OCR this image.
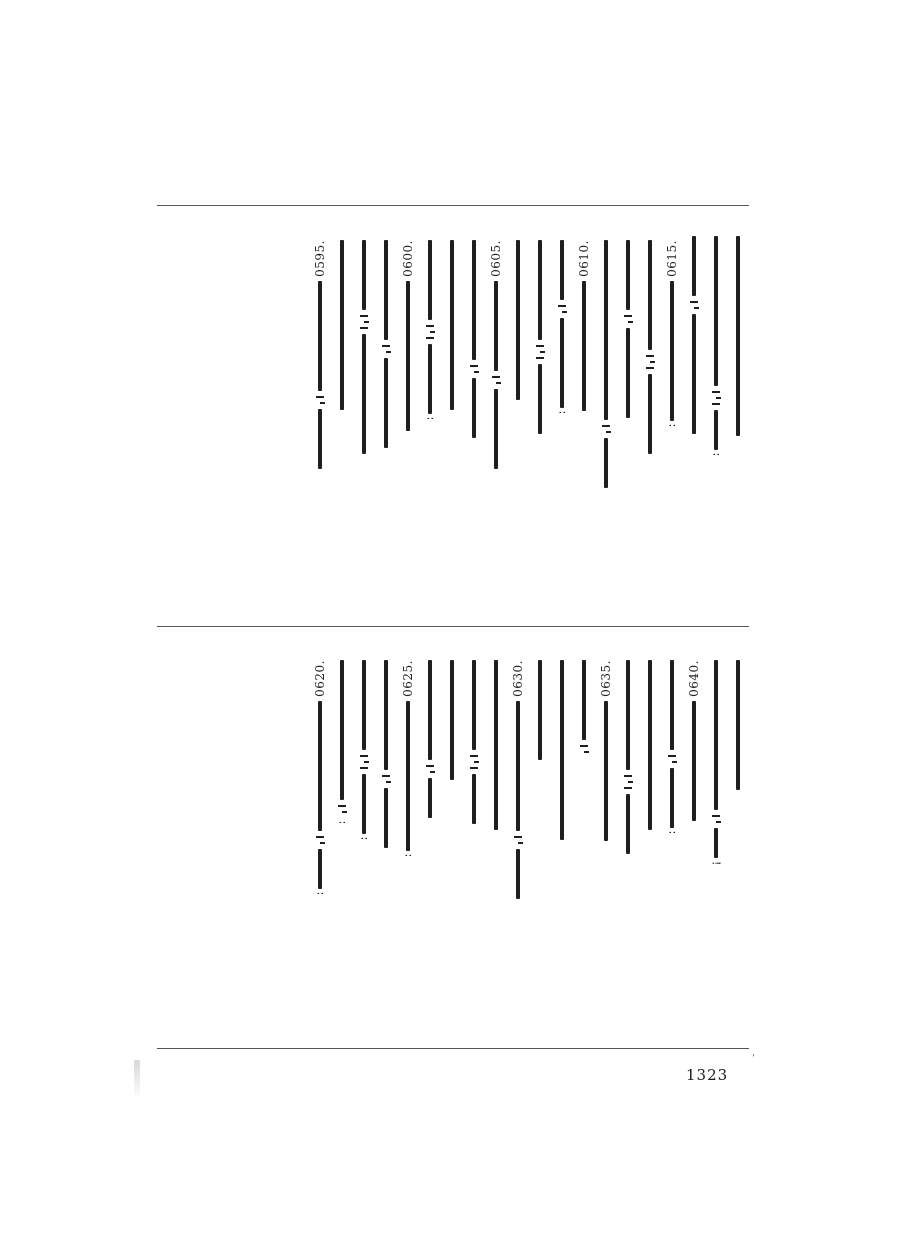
,
∶
0615.
∶
0610.
∶
0605.
∶
0600.
0595.
!
0640.
∶
0635.
0630.
0625.
∶
∶
∶
0620.
∶
1323
